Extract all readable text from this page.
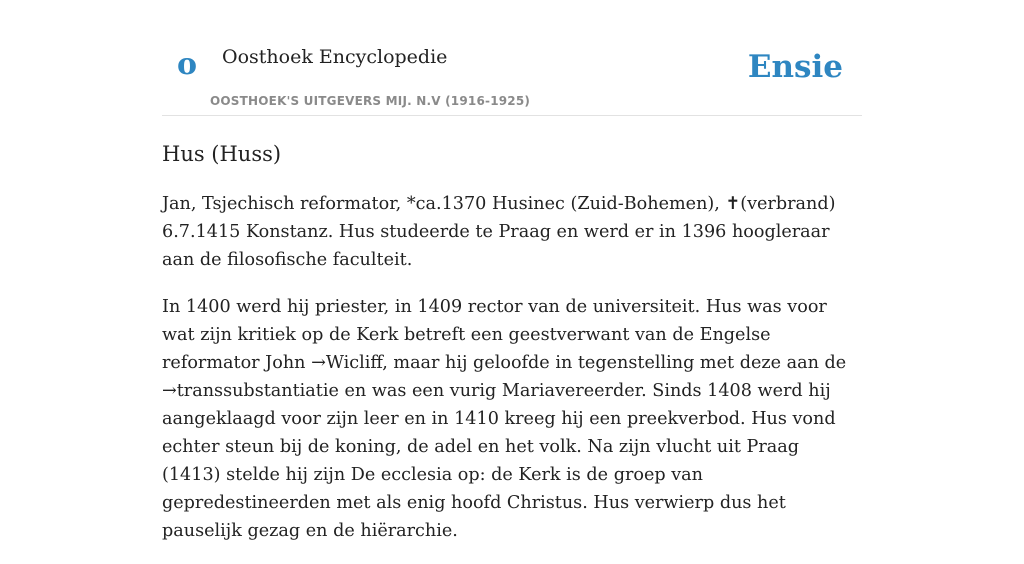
o Oosthoek Encyclopedie
OOSTHOEK'S UITGEVERS MIJ. N.V (1916-1925)
Ensie
Hus (Huss)

Jan, Tsjechisch reformator, *ca.1370 Husinec (Zuid-Bohemen), ✝(verbrand) 6.7.1415 Konstanz. Hus studeerde te Praag en werd er in 1396 hoogleraar aan de filosofische faculteit.

In 1400 werd hij priester, in 1409 rector van de universiteit. Hus was voor wat zijn kritiek op de Kerk betreft een geestverwant van de Engelse reformator John →Wicliff, maar hij geloofde in tegenstelling met deze aan de →transsubstantiatie en was een vurig Mariavereerder. Sinds 1408 werd hij aangeklaagd voor zijn leer en in 1410 kreeg hij een preekverbod. Hus vond echter steun bij de koning, de adel en het volk. Na zijn vlucht uit Praag (1413) stelde hij zijn De ecclesia op: de Kerk is de groep van gepredestineerden met als enig hoofd Christus. Hus verwierp dus het pauselijk gezag en de hiërarchie.
